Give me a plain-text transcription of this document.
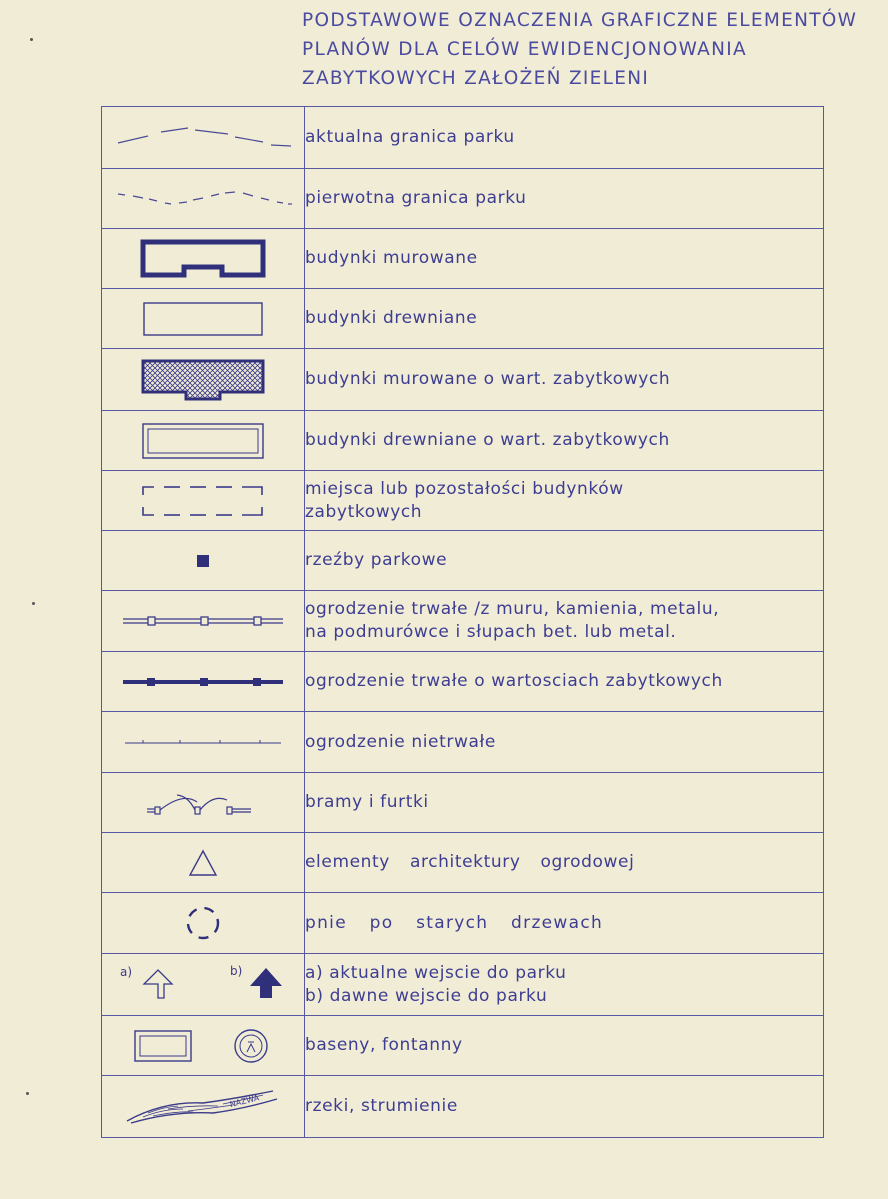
PODSTAWOWE OZNACZENIA GRAFICZNE ELEMENTÓW
PLANÓW DLA CELÓW EWIDENCJONOWANIA
ZABYTKOWYCH ZAŁOŻEŃ ZIELENI

aktualna granica parku

pierwotna granica parku

budynki murowane

budynki drewniane

budynki murowane o wart. zabytkowych

budynki drewniane o wart. zabytkowych

miejsca lub pozostałości budynków
zabytkowych

rzeźby parkowe

ogrodzenie trwałe /z muru, kamienia, metalu,
na podmurówce i słupach bet. lub metal.

ogrodzenie trwałe o wartosciach zabytkowych

ogrodzenie nietrwałe

bramy i furtki

elementy architektury ogrodowej

pnie po starych drzewach

a) b)	a) aktualne wejscie do parku
b) dawne wejscie do parku

baseny, fontanny

NAZWA	rzeki, strumienie
